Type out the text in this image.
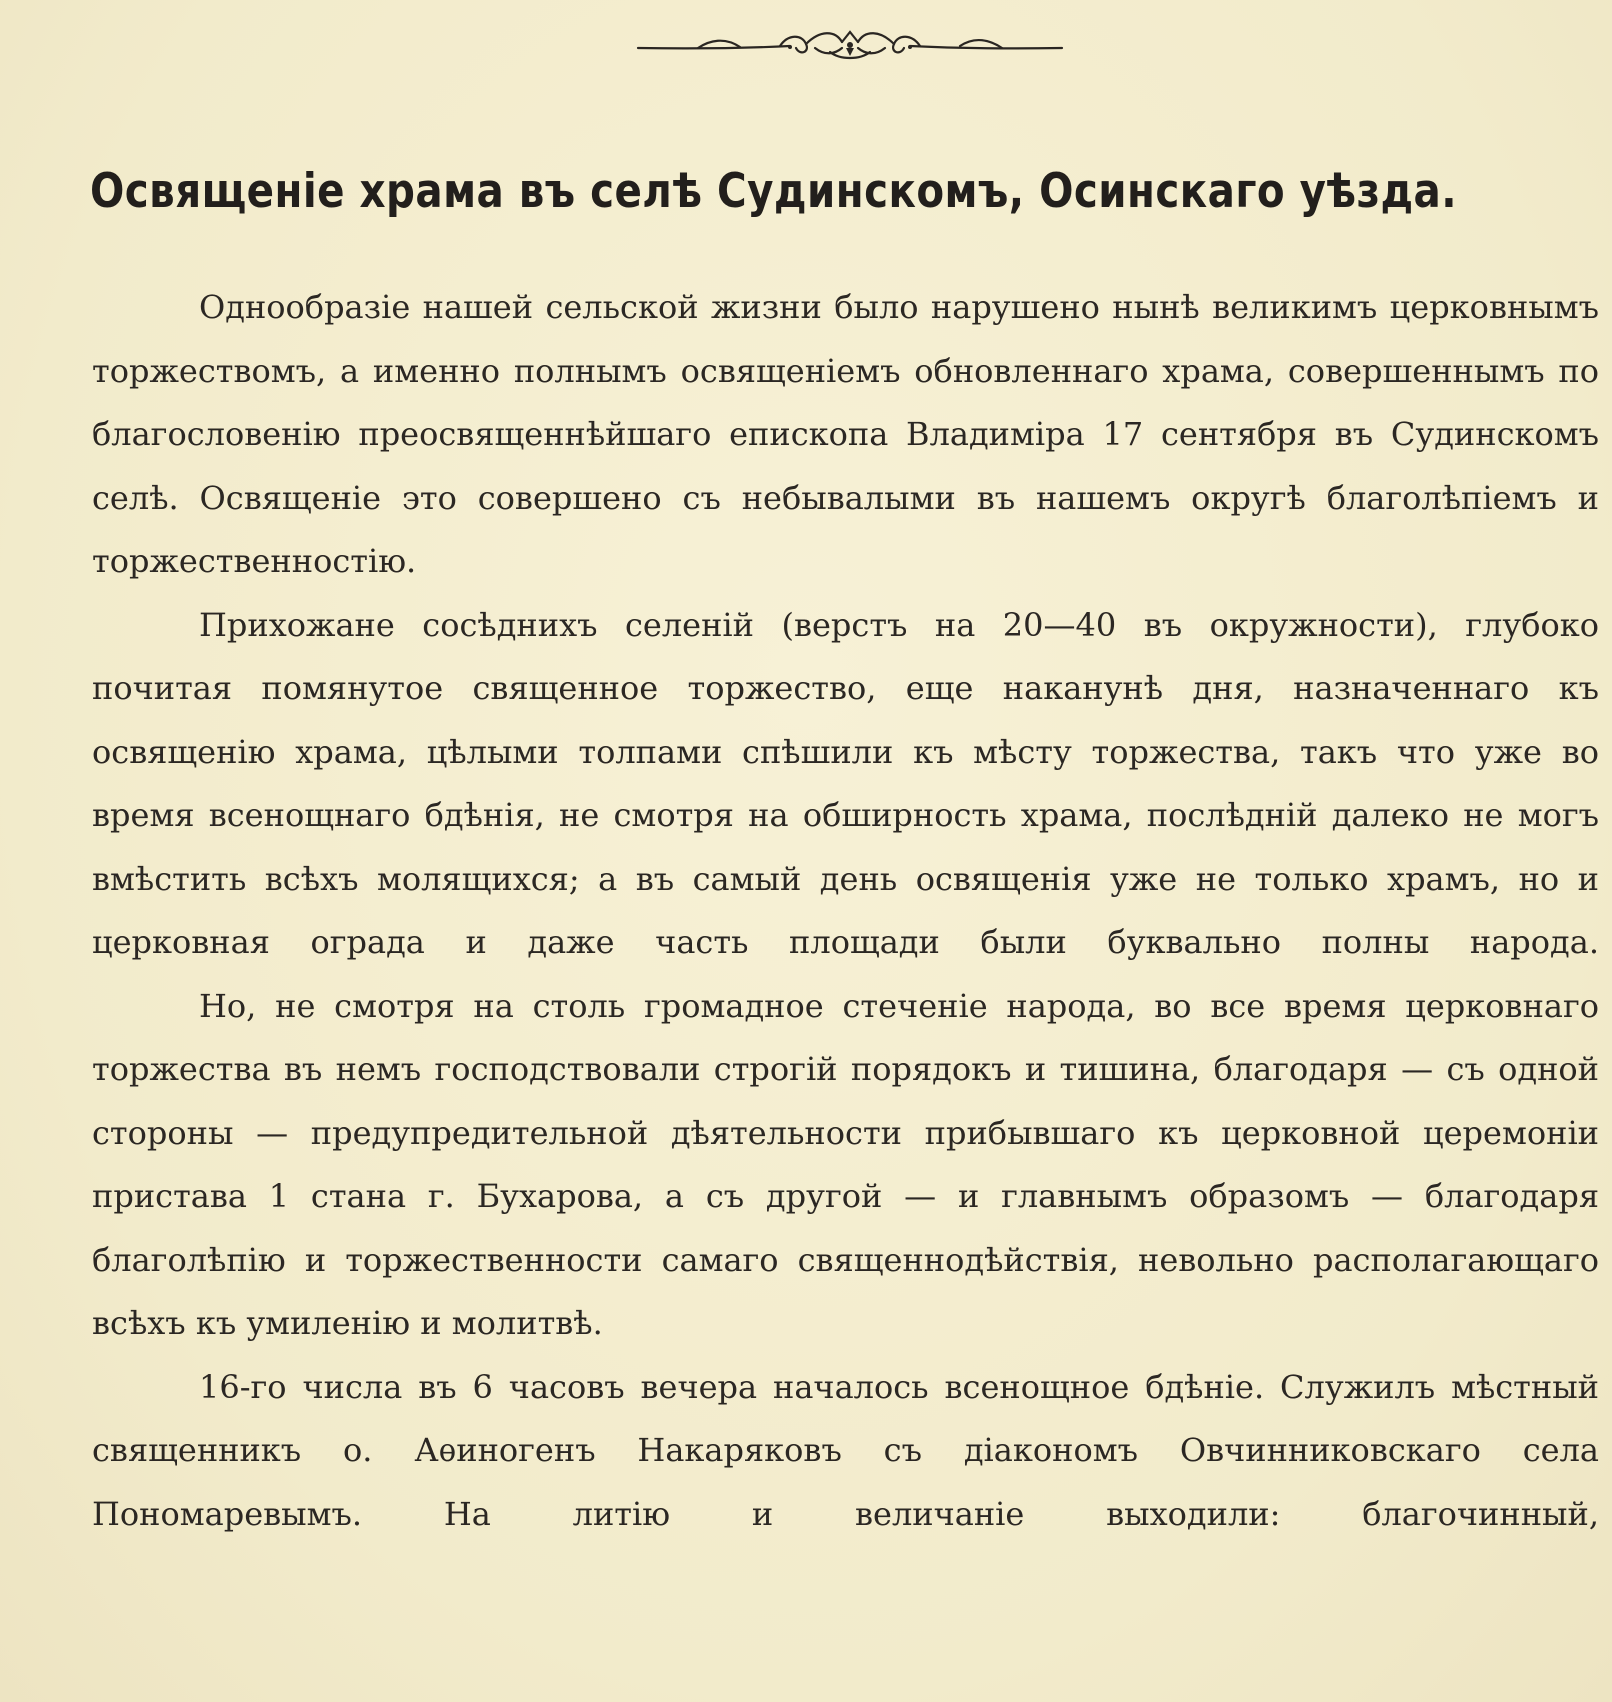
Освященіе храма въ селѣ Судинскомъ, Осинскаго уѣзда.

Однообразіе нашей сельской жизни было нарушено нынѣ великимъ церковнымъ торжествомъ, а именно полнымъ освященіемъ обновленнаго храма, совершеннымъ по благословенію преосвященнѣйшаго епископа Владиміра 17 сентября въ Судинскомъ селѣ. Освященіе это совершено съ небывалыми въ нашемъ округѣ благолѣпіемъ и торжественностію.

Прихожане сосѣднихъ селеній (верстъ на 20—40 въ окружности), глубоко почитая помянутое священное торжество, еще наканунѣ дня, назначеннаго къ освященію храма, цѣлыми толпами спѣшили къ мѣсту торжества, такъ что уже во время всенощнаго бдѣнія, не смотря на обширность храма, послѣдній далеко не могъ вмѣстить всѣхъ молящихся; а въ самый день освященія уже не только храмъ, но и церковная ограда и даже часть площади были буквально полны народа.

Но, не смотря на столь громадное стеченіе народа, во все время церковнаго торжества въ немъ господствовали строгій порядокъ и тишина, благодаря — съ одной стороны — предупредительной дѣятельности прибывшаго къ церковной церемоніи пристава 1 стана г. Бухарова, а съ другой — и главнымъ образомъ — благодаря благолѣпію и торжественности самаго священнодѣйствія, невольно располагающаго всѣхъ къ умиленію и молитвѣ.

16-го числа въ 6 часовъ вечера началось всенощное бдѣніе. Служилъ мѣстный священникъ о. Аѳиногенъ Накаряковъ съ діакономъ Овчинниковскаго села Пономаревымъ. На литію и величаніе выходили: благочинный,
